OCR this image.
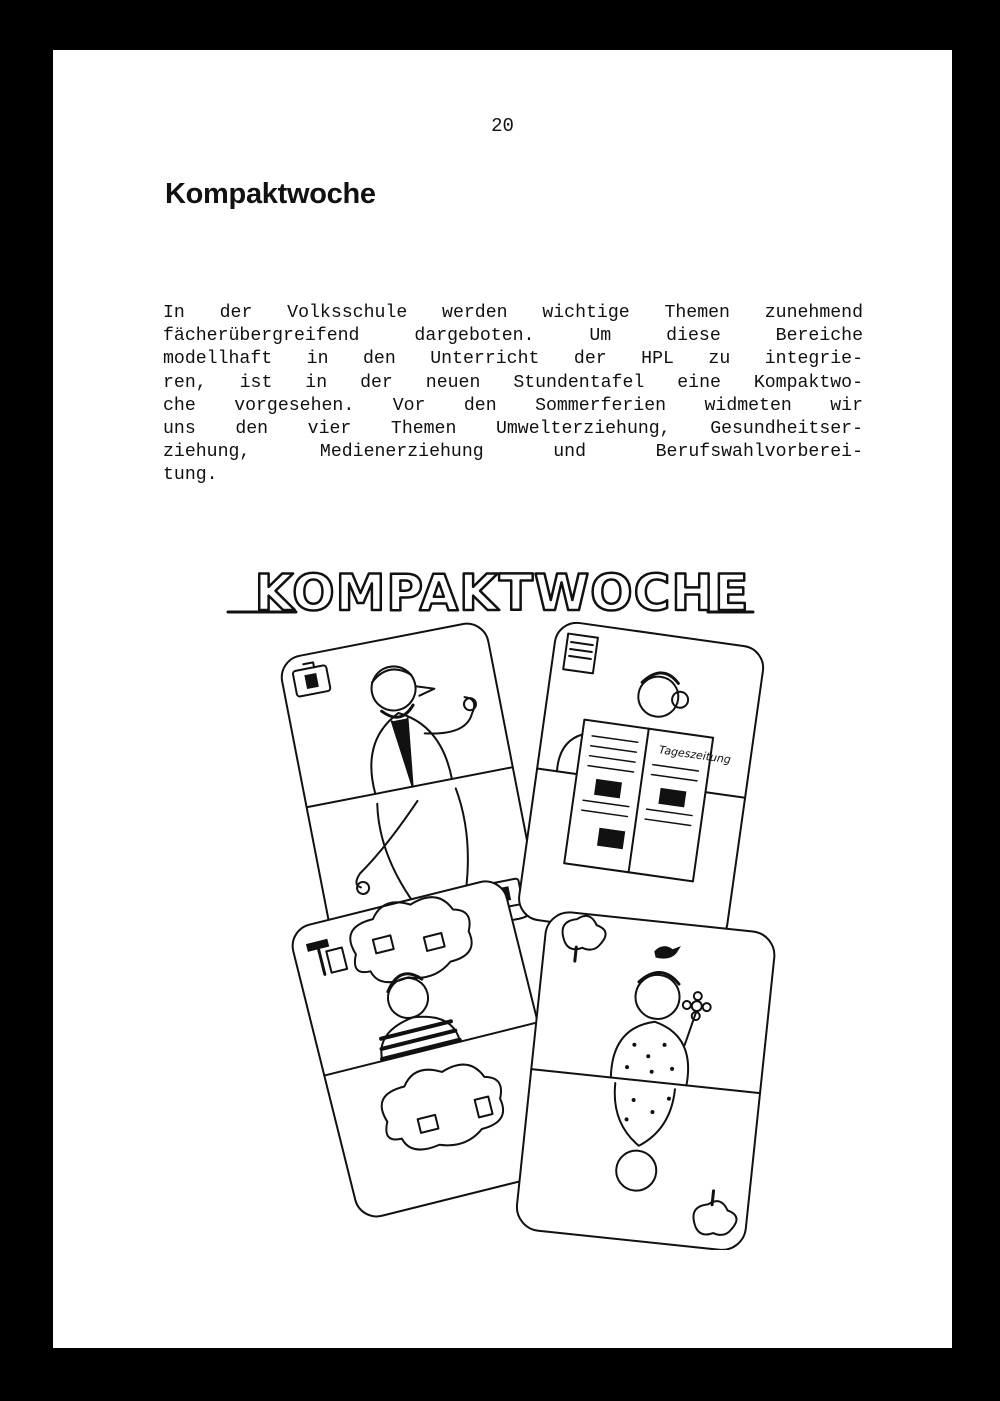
20
Kompaktwoche
In der Volksschule werden wichtige Themen zunehmend
fächerübergreifend dargeboten. Um diese Bereiche
modellhaft in den Unterricht der HPL zu integrie-
ren, ist in der neuen Stundentafel eine Kompaktwo-
che vorgesehen. Vor den Sommerferien widmeten wir
uns den vier Themen Umwelterziehung, Gesundheitser-
ziehung, Medienerziehung und Berufswahlvorberei-
tung.
KOMPAKTWOCHE
Tageszeitung
